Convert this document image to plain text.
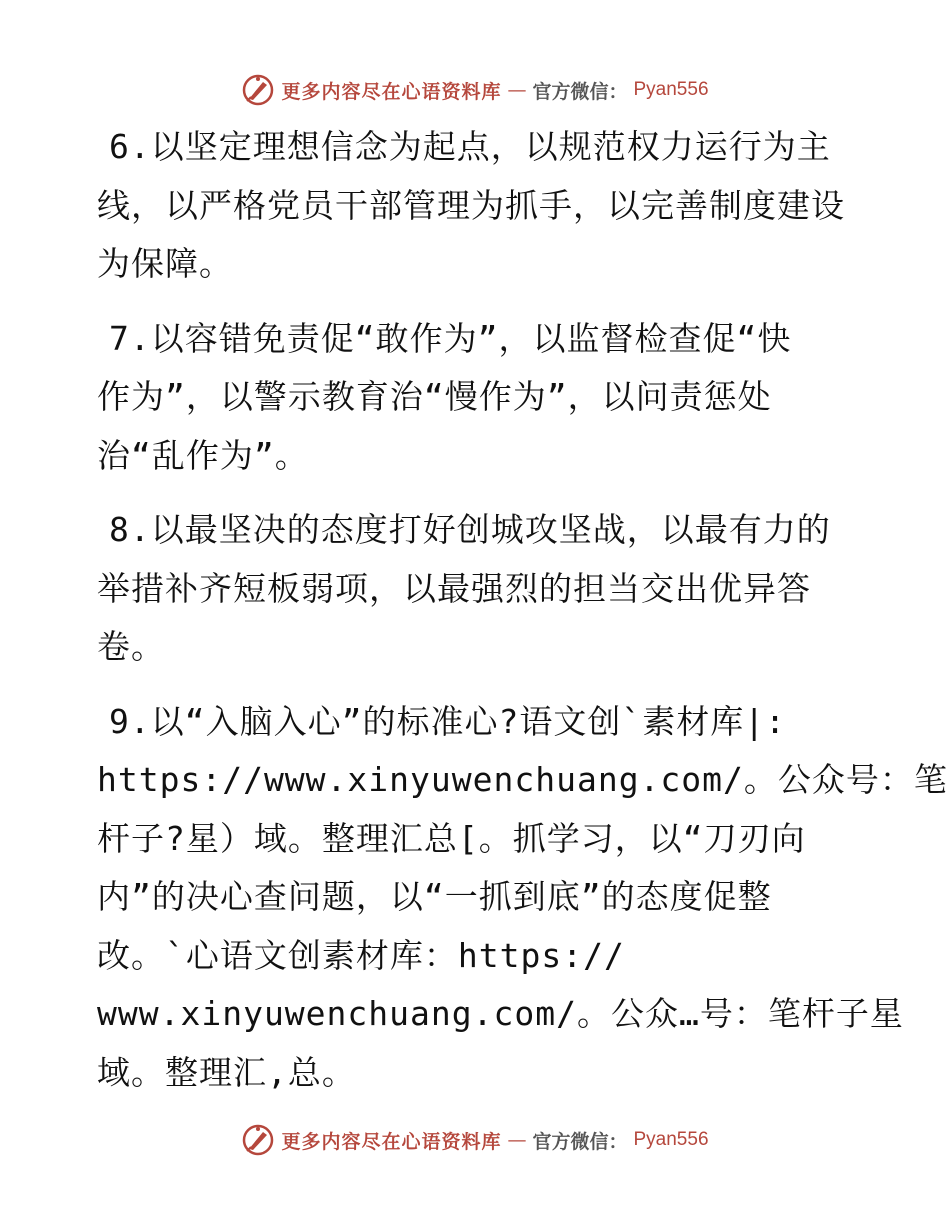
更多内容尽在心语资料库 — 官方微信： Pyan556
6.以坚定理想信念为起点，以规范权力运行为主
线，以严格党员干部管理为抓手，以完善制度建设
为保障。
7.以容错免责促“敢作为”，以监督检查促“快
作为”，以警示教育治“慢作为”，以问责惩处
治“乱作为”。
8.以最坚决的态度打好创城攻坚战，以最有力的
举措补齐短板弱项，以最强烈的担当交出优异答
卷。
9.以“入脑入心”的标准心?语文创`素材库|:
https://www.xinyuwenchuang.com/。公众号：笔
杆子?星）域。整理汇总[。抓学习，以“刀刃向
内”的决心查问题，以“一抓到底”的态度促整
改。`心语文创素材库：https://
www.xinyuwenchuang.com/。公众…号：笔杆子星
域。整理汇,总。
更多内容尽在心语资料库 — 官方微信： Pyan556
